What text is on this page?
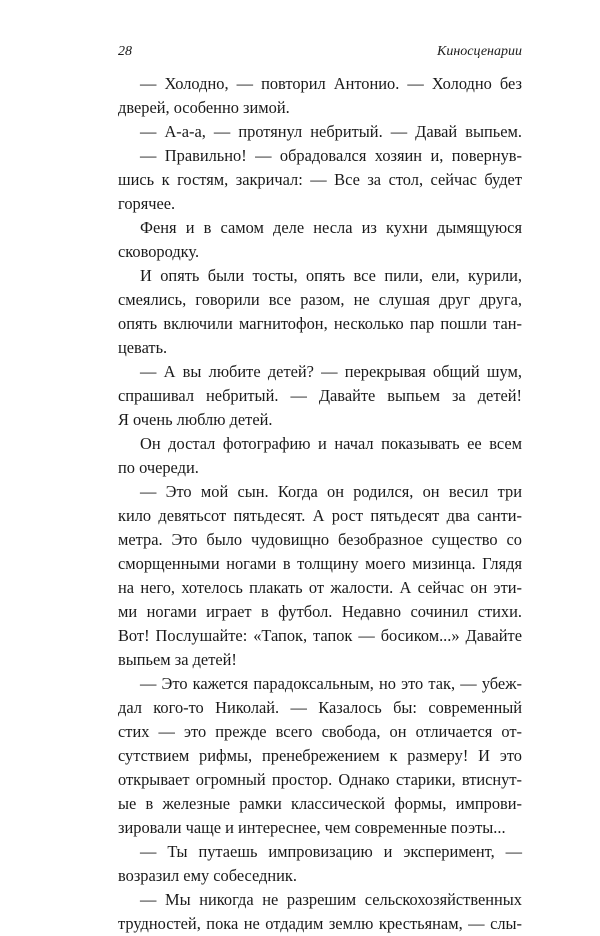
28	Киносценарии
— Холодно, — повторил Антонио. — Холодно без
дверей, особенно зимой.
— А-а-а, — протянул небритый. — Давай выпьем.
— Правильно! — обрадовался хозяин и, повернув-
шись к гостям, закричал: — Все за стол, сейчас будет
горячее.
Феня и в самом деле несла из кухни дымящуюся
сковородку.
И опять были тосты, опять все пили, ели, курили,
смеялись, говорили все разом, не слушая друг друга,
опять включили магнитофон, несколько пар пошли тан-
цевать.
— А вы любите детей? — перекрывая общий шум,
спрашивал небритый. — Давайте выпьем за детей!
Я очень люблю детей.
Он достал фотографию и начал показывать ее всем
по очереди.
— Это мой сын. Когда он родился, он весил три
кило девятьсот пятьдесят. А рост пятьдесят два санти-
метра. Это было чудовищно безобразное существо со
сморщенными ногами в толщину моего мизинца. Глядя
на него, хотелось плакать от жалости. А сейчас он эти-
ми ногами играет в футбол. Недавно сочинил стихи.
Вот! Послушайте: «Тапок, тапок — босиком...» Давайте
выпьем за детей!
— Это кажется парадоксальным, но это так, — убеж-
дал кого-то Николай. — Казалось бы: современный
стих — это прежде всего свобода, он отличается от-
сутствием рифмы, пренебрежением к размеру! И это
открывает огромный простор. Однако старики, втиснут-
ые в железные рамки классической формы, импрови-
зировали чаще и интереснее, чем современные поэты...
— Ты путаешь импровизацию и эксперимент, —
возразил ему собеседник.
— Мы никогда не разрешим сельскохозяйственных
трудностей, пока не отдадим землю крестьянам, — слы-
